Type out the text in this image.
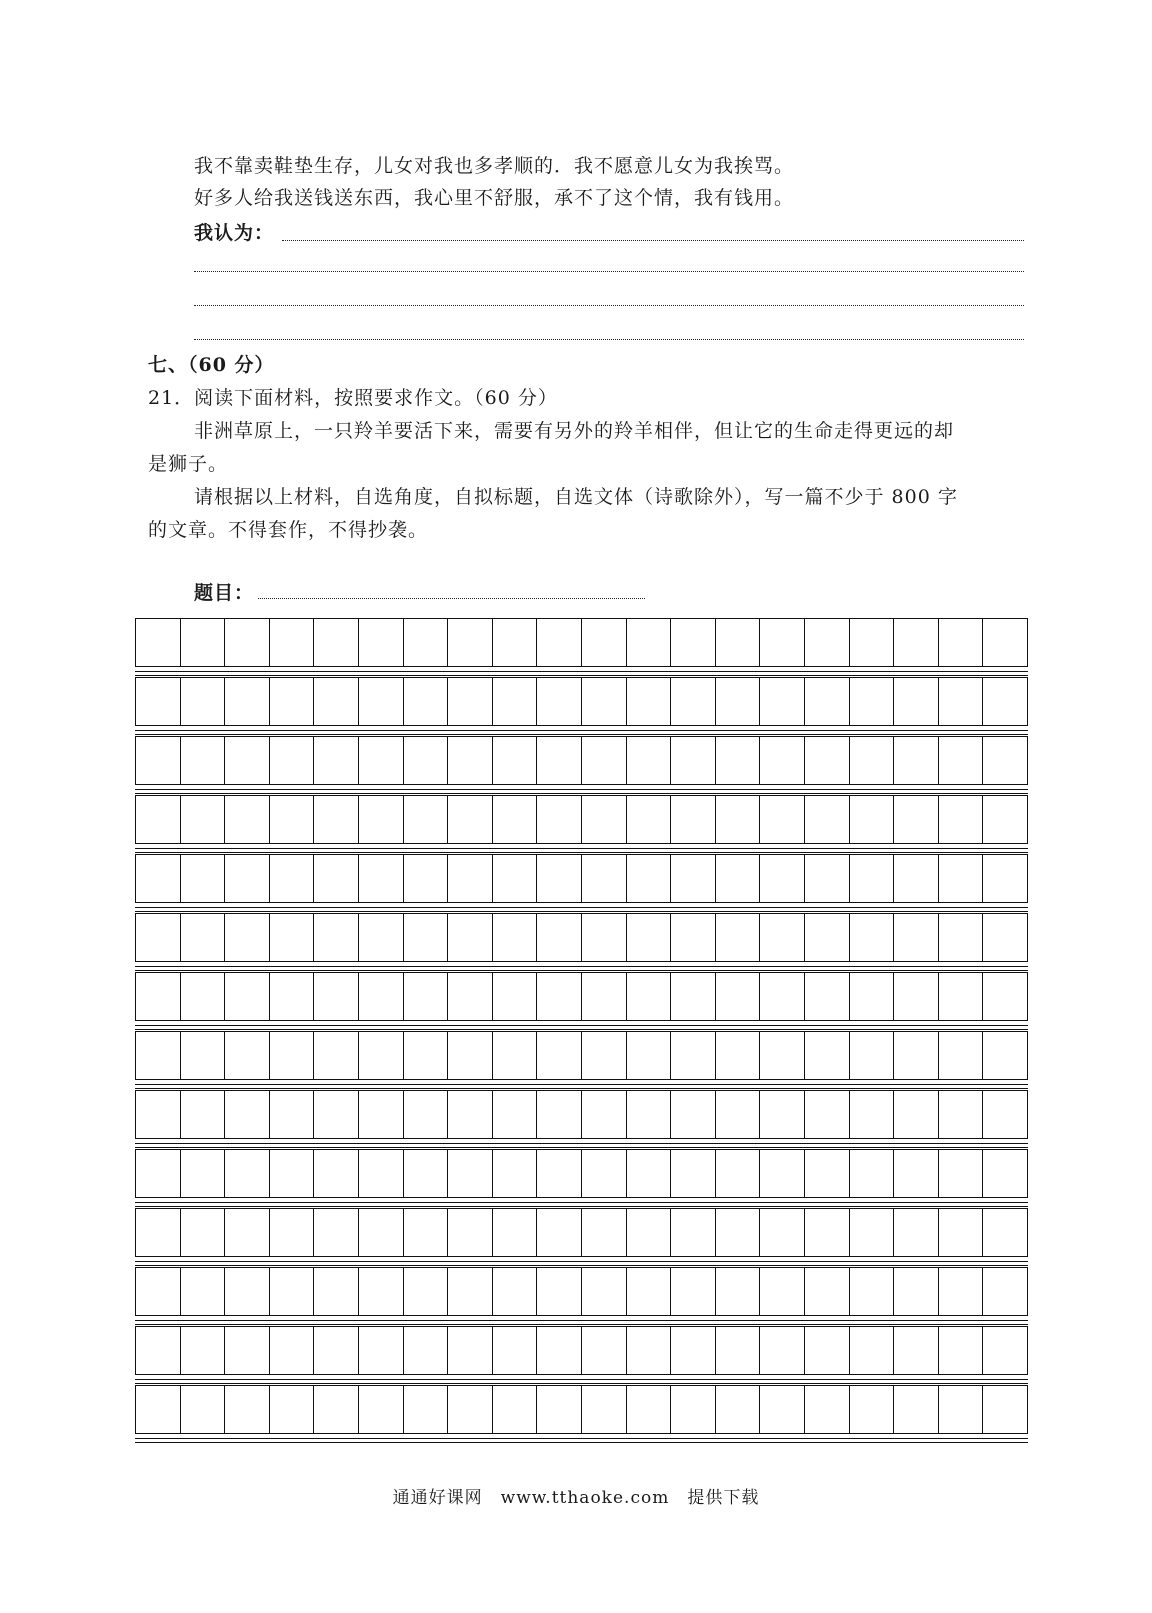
我不靠卖鞋垫生存，儿女对我也多孝顺的．我不愿意儿女为我挨骂。
好多人给我送钱送东西，我心里不舒服，承不了这个情，我有钱用。
我认为：
七、（60 分）
21．阅读下面材料，按照要求作文。（60 分）
非洲草原上，一只羚羊要活下来，需要有另外的羚羊相伴，但让它的生命走得更远的却
是狮子。
请根据以上材料，自选角度，自拟标题，自选文体（诗歌除外），写一篇不少于 800 字
的文章。不得套作，不得抄袭。
题目：
通通好课网　www.tthaoke.com　提供下载
